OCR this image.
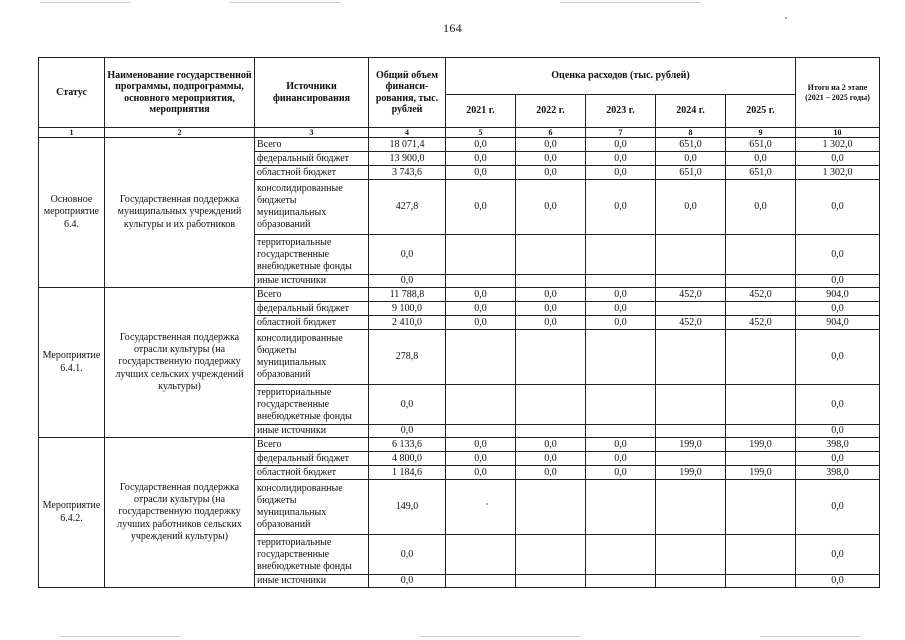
164
Статус	Наименование государственной программы, подпрограммы, основного мероприятия, мероприятия	Источники финансирования	Общий объем финанси-рования, тыс. рублей	Оценка расходов (тыс. рублей)					Итого на 2 этапе (2021 – 2025 годы)
				2021 г.	2022 г.	2023 г.	2024 г.	2025 г.	
1	2	3	4	5	6	7	8	9	10
Основное мероприятие 6.4.	Государственная поддержка муниципальных учреждений культуры и их работников	Всего	18 071,4	0,0	0,0	0,0	651,0	651,0	1 302,0
		федеральный бюджет	13 900,0	0,0	0,0	0,0	0,0	0,0	0,0
		областной бюджет	3 743,6	0,0	0,0	0,0	651,0	651,0	1 302,0
		консолидированные бюджеты муниципальных образований	427,8	0,0	0,0	0,0	0,0	0,0	0,0
		территориальные государственные внебюджетные фонды	0,0						0,0
		иные источники	0,0						0,0
Мероприятие 6.4.1.	Государственная поддержка отрасли культуры (на государственную поддержку лучших сельских учреждений культуры)	Всего	11 788,8	0,0	0,0	0,0	452,0	452,0	904,0
		федеральный бюджет	9 100,0	0,0	0,0	0,0			0,0
		областной бюджет	2 410,0	0,0	0,0	0,0	452,0	452,0	904,0
		консолидированные бюджеты муниципальных образований	278,8						0,0
		территориальные государственные внебюджетные фонды	0,0						0,0
		иные источники	0,0						0,0
Мероприятие 6.4.2.	Государственная поддержка отрасли культуры (на государственную поддержку лучших работников сельских учреждений культуры)	Всего	6 133,6	0,0	0,0	0,0	199,0	199,0	398,0
		федеральный бюджет	4 800,0	0,0	0,0	0,0			0,0
		областной бюджет	1 184,6	0,0	0,0	0,0	199,0	199,0	398,0
		консолидированные бюджеты муниципальных образований	149,0						0,0
		территориальные государственные внебюджетные фонды	0,0						0,0
		иные источники	0,0						0,0
